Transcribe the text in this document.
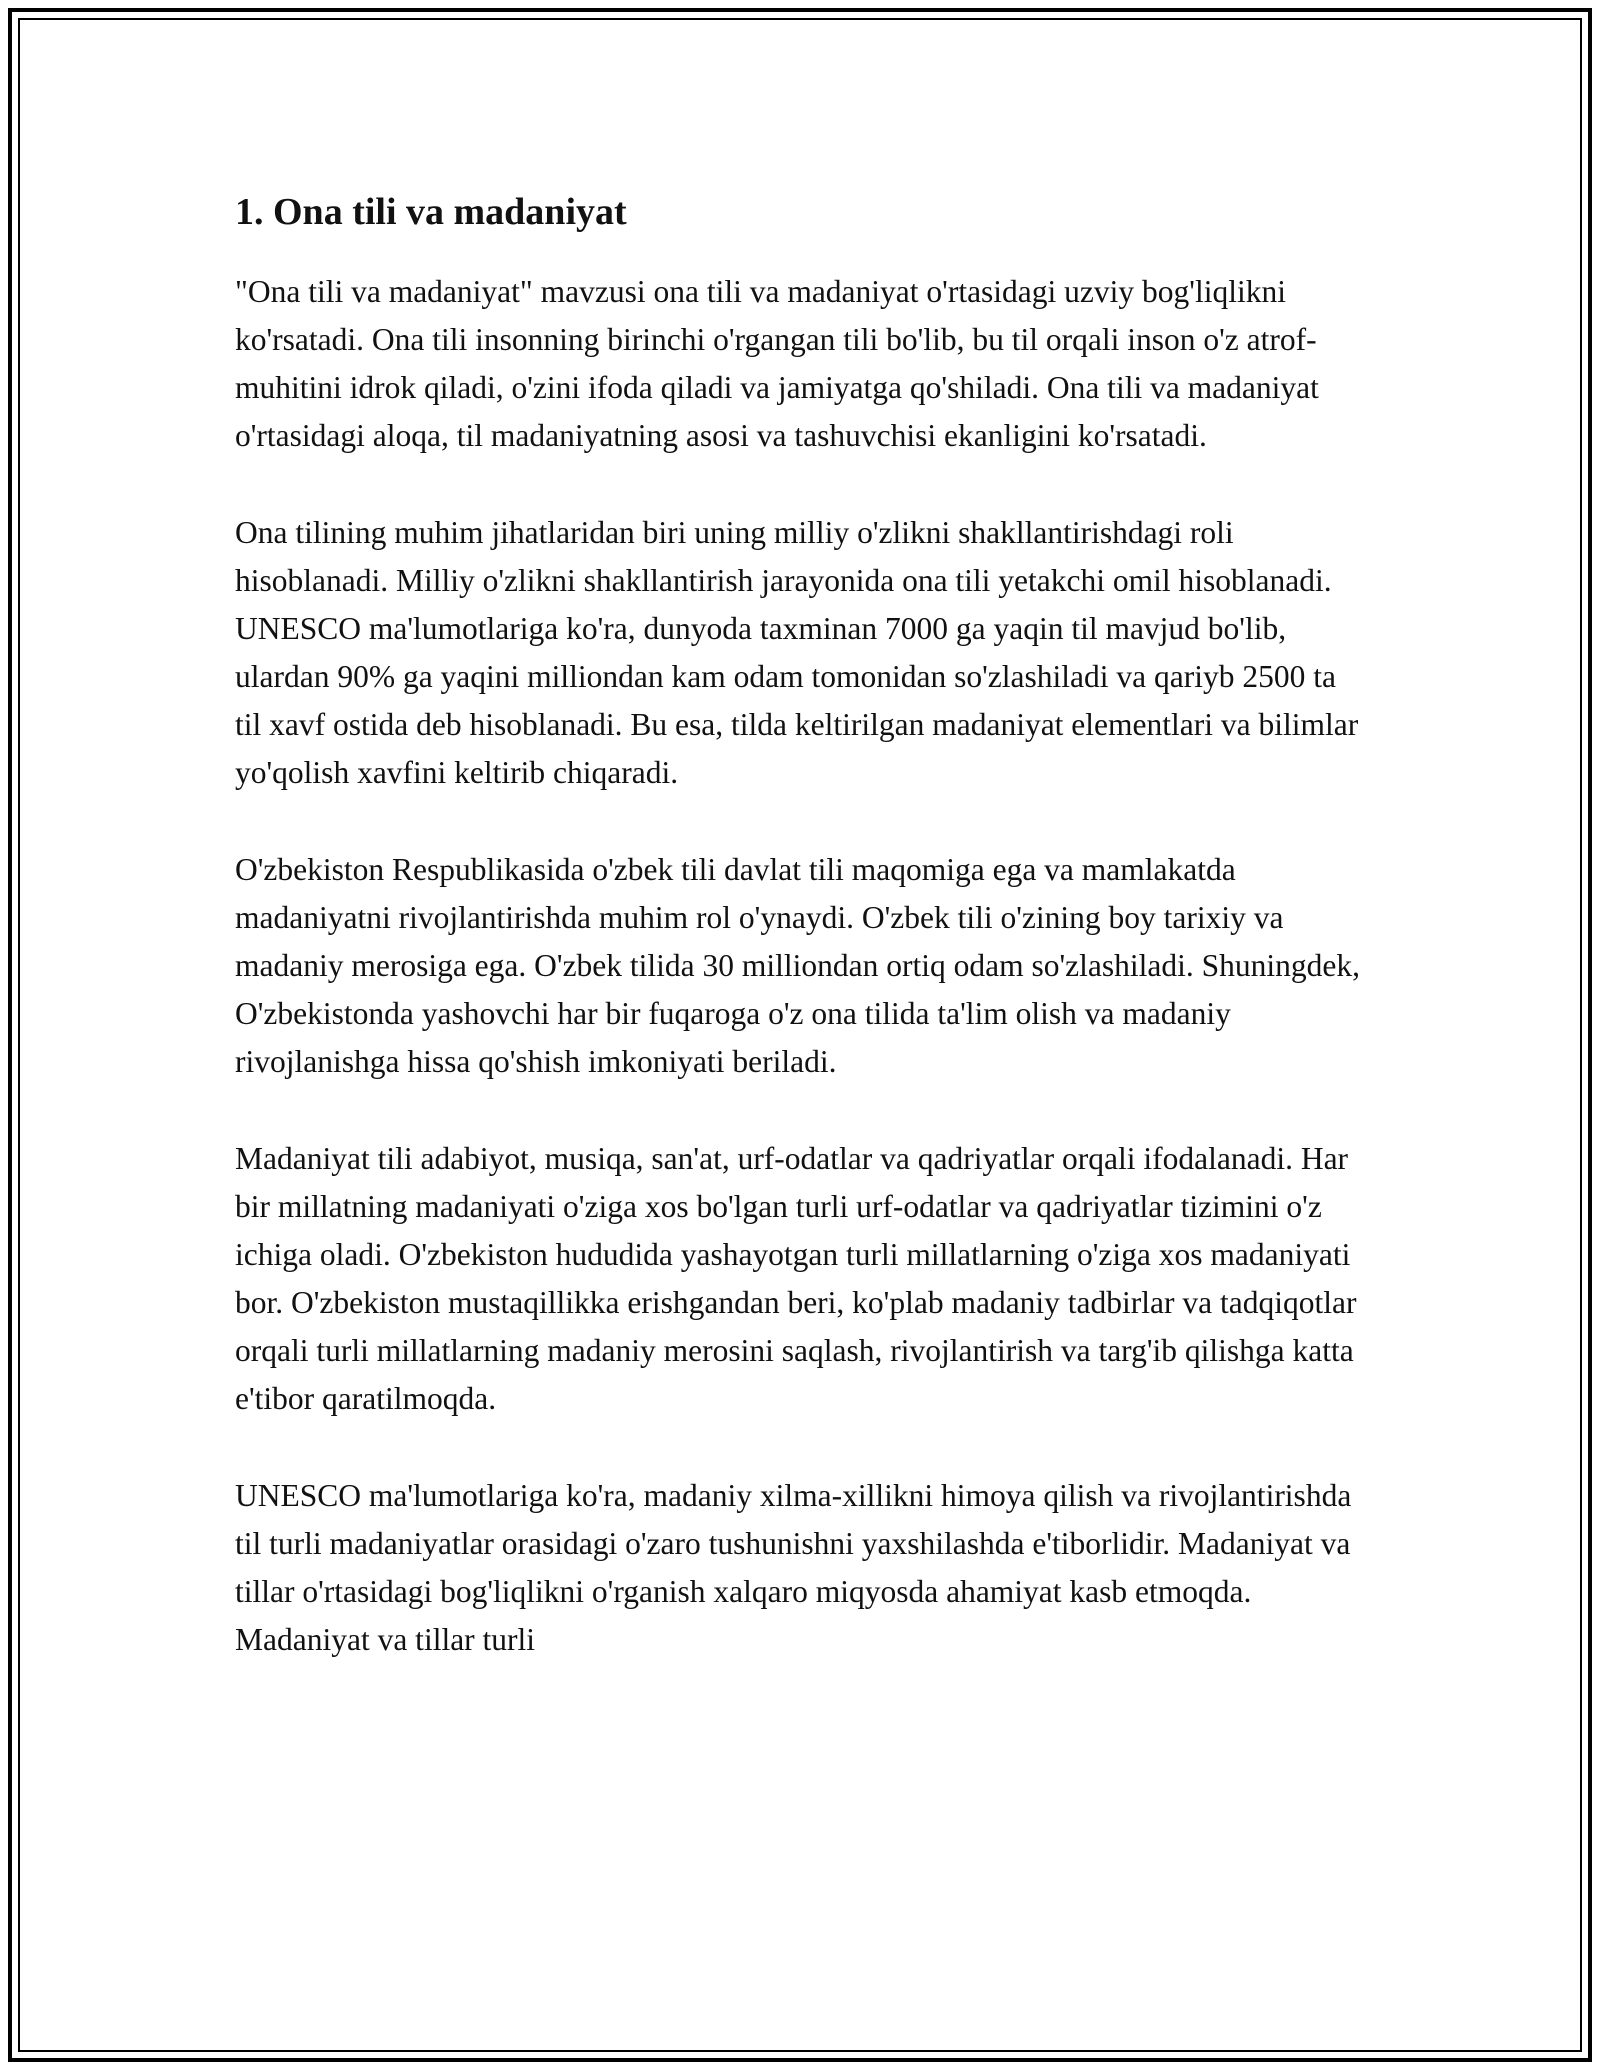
1. Ona tili va madaniyat

"Ona tili va madaniyat" mavzusi ona tili va madaniyat o'rtasidagi uzviy bog'liqlikni ko'rsatadi. Ona tili insonning birinchi o'rgangan tili bo'lib, bu til orqali inson o'z atrof-muhitini idrok qiladi, o'zini ifoda qiladi va jamiyatga qo'shiladi. Ona tili va madaniyat o'rtasidagi aloqa, til madaniyatning asosi va tashuvchisi ekanligini ko'rsatadi.

Ona tilining muhim jihatlaridan biri uning milliy o'zlikni shakllantirishdagi roli hisoblanadi. Milliy o'zlikni shakllantirish jarayonida ona tili yetakchi omil hisoblanadi. UNESCO ma'lumotlariga ko'ra, dunyoda taxminan 7000 ga yaqin til mavjud bo'lib, ulardan 90% ga yaqini milliondan kam odam tomonidan so'zlashiladi va qariyb 2500 ta til xavf ostida deb hisoblanadi. Bu esa, tilda keltirilgan madaniyat elementlari va bilimlar yo'qolish xavfini keltirib chiqaradi.

O'zbekiston Respublikasida o'zbek tili davlat tili maqomiga ega va mamlakatda madaniyatni rivojlantirishda muhim rol o'ynaydi. O'zbek tili o'zining boy tarixiy va madaniy merosiga ega. O'zbek tilida 30 milliondan ortiq odam so'zlashiladi. Shuningdek, O'zbekistonda yashovchi har bir fuqaroga o'z ona tilida ta'lim olish va madaniy rivojlanishga hissa qo'shish imkoniyati beriladi.

Madaniyat tili adabiyot, musiqa, san'at, urf-odatlar va qadriyatlar orqali ifodalanadi. Har bir millatning madaniyati o'ziga xos bo'lgan turli urf-odatlar va qadriyatlar tizimini o'z ichiga oladi. O'zbekiston hududida yashayotgan turli millatlarning o'ziga xos madaniyati bor. O'zbekiston mustaqillikka erishgandan beri, ko'plab madaniy tadbirlar va tadqiqotlar orqali turli millatlarning madaniy merosini saqlash, rivojlantirish va targ'ib qilishga katta e'tibor qaratilmoqda.

UNESCO ma'lumotlariga ko'ra, madaniy xilma-xillikni himoya qilish va rivojlantirishda til turli madaniyatlar orasidagi o'zaro tushunishni yaxshilashda e'tiborlidir. Madaniyat va tillar o'rtasidagi bog'liqlikni o'rganish xalqaro miqyosda ahamiyat kasb etmoqda. Madaniyat va tillar turli
